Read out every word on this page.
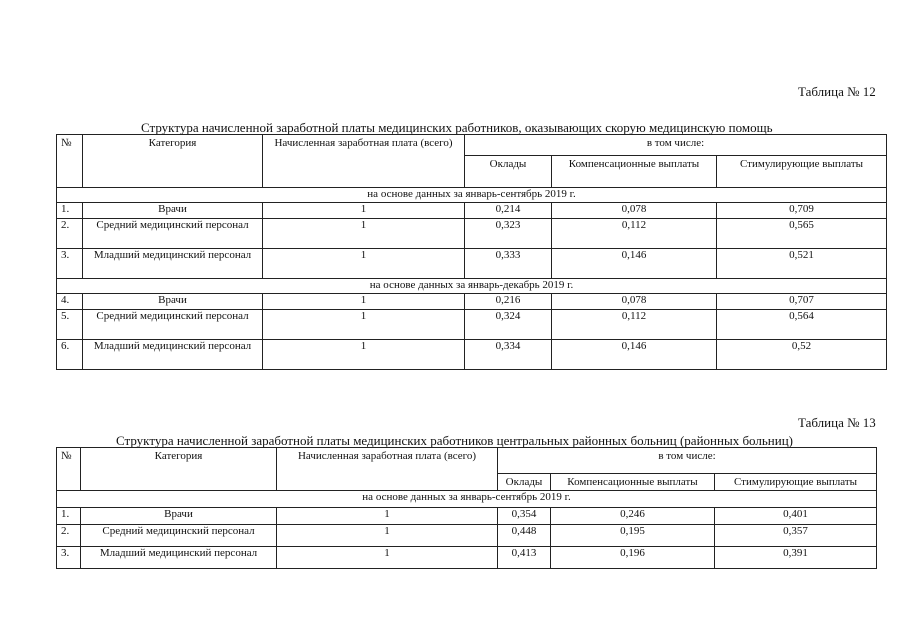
Таблица № 12
Структура начисленной заработной платы медицинских работников, оказывающих скорую медицинскую помощь
№	Категория	Начисленная заработная плата (всего)	в том числе:		
			Оклады	Компенсационные выплаты	Стимулирующие выплаты
на основе данных за январь-сентябрь 2019 г.					
1.	Врачи	1	0,214	0,078	0,709
2.	Средний медицинский персонал	1	0,323	0,112	0,565
3.	Младший медицинский персонал	1	0,333	0,146	0,521
на основе данных за январь-декабрь 2019 г.					
4.	Врачи	1	0,216	0,078	0,707
5.	Средний медицинский персонал	1	0,324	0,112	0,564
6.	Младший медицинский персонал	1	0,334	0,146	0,52
Таблица № 13
Структура начисленной заработной платы медицинских работников центральных районных больниц (районных больниц)
№	Категория	Начисленная заработная плата (всего)	в том числе:		
			Оклады	Компенсационные выплаты	Стимулирующие выплаты
на основе данных за январь-сентябрь 2019 г.					
1.	Врачи	1	0,354	0,246	0,401
2.	Средний медицинский персонал	1	0,448	0,195	0,357
3.	Младший медицинский персонал	1	0,413	0,196	0,391
